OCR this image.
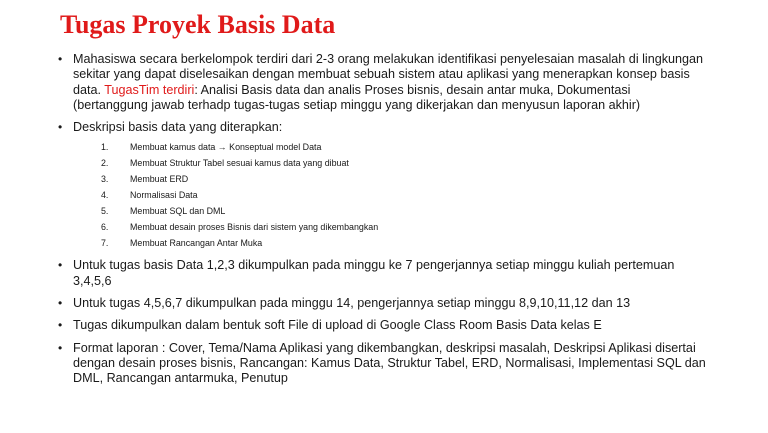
Tugas Proyek Basis Data
• Mahasiswa secara berkelompok terdiri dari 2-3 orang melakukan identifikasi penyelesaian masalah di lingkungan sekitar yang dapat diselesaikan dengan membuat sebuah sistem atau aplikasi yang menerapkan konsep basis data. TugasTim terdiri: Analisi Basis data dan analis Proses bisnis, desain antar muka, Dokumentasi (bertanggung jawab terhadp tugas-tugas setiap minggu yang dikerjakan dan menyusun laporan akhir)
• Deskripsi basis data yang diterapkan:
1. Membuat kamus data → Konseptual model Data
2. Membuat Struktur Tabel sesuai kamus data yang dibuat
3. Membuat ERD
4. Normalisasi Data
5. Membuat SQL dan DML
6. Membuat desain proses Bisnis dari sistem yang dikembangkan
7. Membuat Rancangan Antar Muka
• Untuk tugas basis Data 1,2,3 dikumpulkan pada minggu ke 7 pengerjannya setiap minggu kuliah pertemuan 3,4,5,6
• Untuk tugas 4,5,6,7 dikumpulkan pada minggu 14, pengerjannya setiap minggu 8,9,10,11,12 dan 13
• Tugas dikumpulkan dalam bentuk soft File di upload di Google Class Room Basis Data kelas E
• Format laporan : Cover, Tema/Nama Aplikasi yang dikembangkan, deskripsi masalah, Deskripsi Aplikasi disertai dengan desain proses bisnis, Rancangan: Kamus Data, Struktur Tabel, ERD, Normalisasi, Implementasi SQL dan DML, Rancangan antarmuka, Penutup
